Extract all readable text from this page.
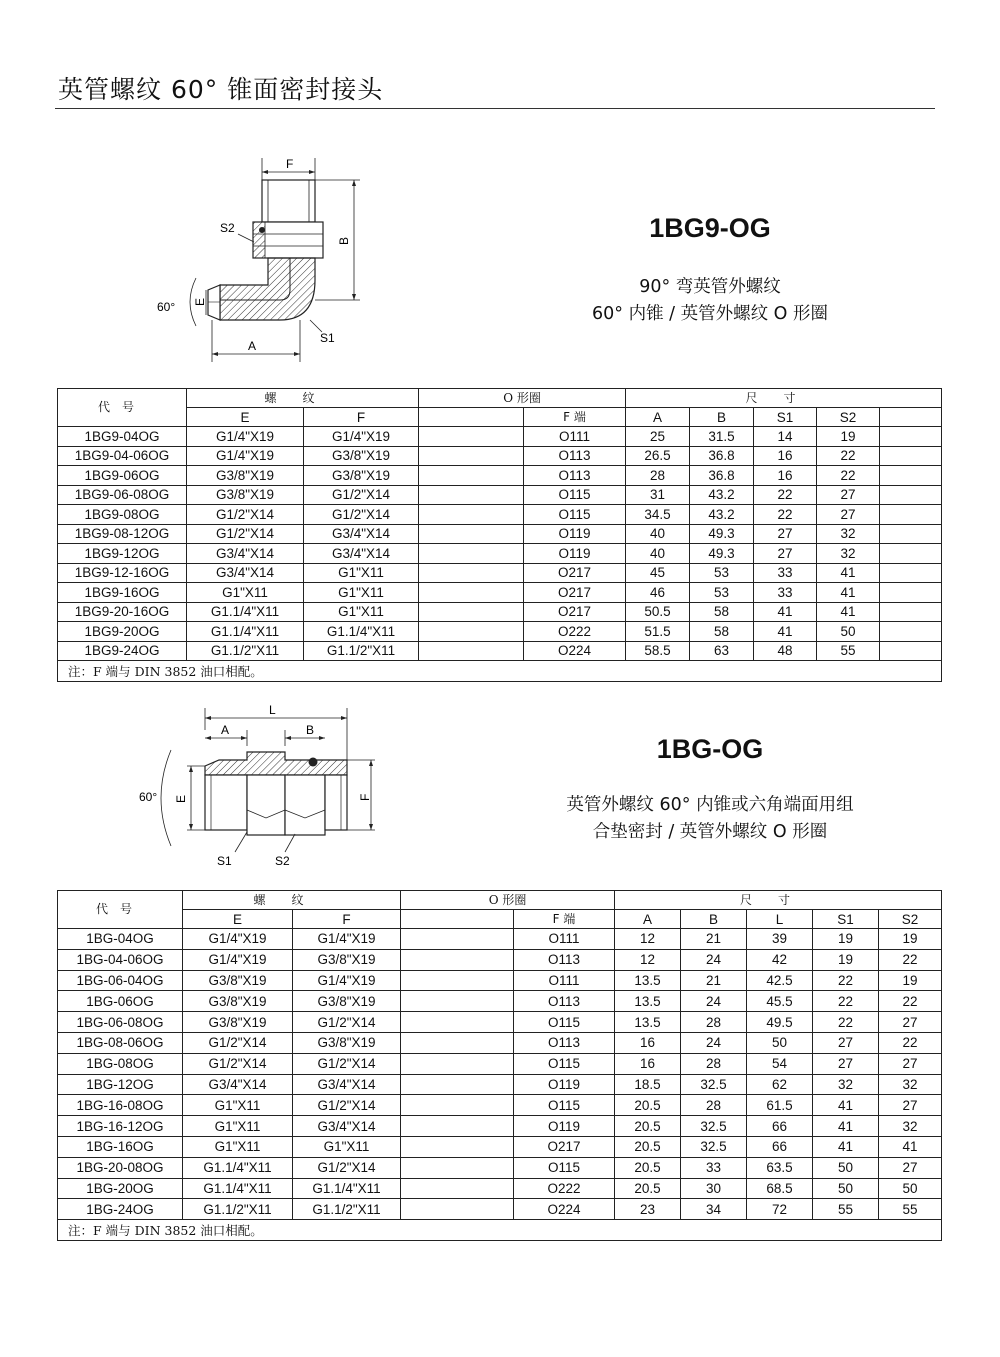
英管螺纹 60° 锥面密封接头
F
S2
B
E
60°
S1
A
1BG9-OG
90° 弯英管外螺纹
60° 内锥 / 英管外螺纹 O 形圈
代号	螺纹		O 形圈		尺寸				
	E	F		F 端	A	B	S1	S2	
1BG9-04OG	G1/4"X19	G1/4"X19		O111	25	31.5	14	19	
1BG9-04-06OG	G1/4"X19	G3/8"X19		O113	26.5	36.8	16	22	
1BG9-06OG	G3/8"X19	G3/8"X19		O113	28	36.8	16	22	
1BG9-06-08OG	G3/8"X19	G1/2"X14		O115	31	43.2	22	27	
1BG9-08OG	G1/2"X14	G1/2"X14		O115	34.5	43.2	22	27	
1BG9-08-12OG	G1/2"X14	G3/4"X14		O119	40	49.3	27	32	
1BG9-12OG	G3/4"X14	G3/4"X14		O119	40	49.3	27	32	
1BG9-12-16OG	G3/4"X14	G1"X11		O217	45	53	33	41	
1BG9-16OG	G1"X11	G1"X11		O217	46	53	33	41	
1BG9-20-16OG	G1.1/4"X11	G1"X11		O217	50.5	58	41	41	
1BG9-20OG	G1.1/4"X11	G1.1/4"X11		O222	51.5	58	41	50	
1BG9-24OG	G1.1/2"X11	G1.1/2"X11		O224	58.5	63	48	55	
注：F 端与 DIN 3852 油口相配。									
L
A	B
E
60°	F
S1	S2
1BG-OG
英管外螺纹 60° 内锥或六角端面用组
合垫密封 / 英管外螺纹 O 形圈
代号	螺纹		O 形圈		尺寸				
	E	F		F 端	A	B	L	S1	S2
1BG-04OG	G1/4"X19	G1/4"X19		O111	12	21	39	19	19
1BG-04-06OG	G1/4"X19	G3/8"X19		O113	12	24	42	19	22
1BG-06-04OG	G3/8"X19	G1/4"X19		O111	13.5	21	42.5	22	19
1BG-06OG	G3/8"X19	G3/8"X19		O113	13.5	24	45.5	22	22
1BG-06-08OG	G3/8"X19	G1/2"X14		O115	13.5	28	49.5	22	27
1BG-08-06OG	G1/2"X14	G3/8"X19		O113	16	24	50	27	22
1BG-08OG	G1/2"X14	G1/2"X14		O115	16	28	54	27	27
1BG-12OG	G3/4"X14	G3/4"X14		O119	18.5	32.5	62	32	32
1BG-16-08OG	G1"X11	G1/2"X14		O115	20.5	28	61.5	41	27
1BG-16-12OG	G1"X11	G3/4"X14		O119	20.5	32.5	66	41	32
1BG-16OG	G1"X11	G1"X11		O217	20.5	32.5	66	41	41
1BG-20-08OG	G1.1/4"X11	G1/2"X14		O115	20.5	33	63.5	50	27
1BG-20OG	G1.1/4"X11	G1.1/4"X11		O222	20.5	30	68.5	50	50
1BG-24OG	G1.1/2"X11	G1.1/2"X11		O224	23	34	72	55	55
注：F 端与 DIN 3852 油口相配。									
